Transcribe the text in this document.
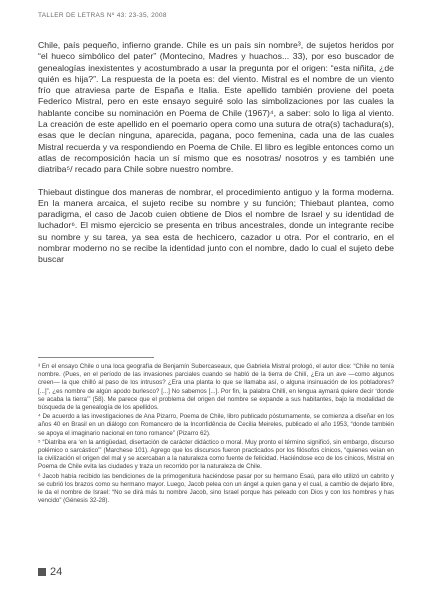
TALLER DE LETRAS Nº 43: 23-35, 2008

Chile, país pequeño, infierno grande. Chile es un país sin nombre³, de sujetos heridos por “el hueco simbólico del pater” (Montecino, Madres y huachos... 33), por eso buscador de genealogías inexistentes y acostumbrado a usar la pregunta por el origen: “esta niñita, ¿de quién es hija?”. La respuesta de la poeta es: del viento. Mistral es el nombre de un viento frío que atraviesa parte de España e Italia. Este apellido también proviene del poeta Federico Mistral, pero en este ensayo seguiré solo las simbolizaciones por las cuales la hablante concibe su nominación en Poema de Chile (1967)⁴, a saber: solo lo liga al viento. La creación de este apellido en el poemario opera como una sutura de otra(s) tachadura(s), esas que le decían ninguna, aparecida, pagana, poco femenina, cada una de las cuales Mistral recuerda y va respondiendo en Poema de Chile. El libro es legible entonces como un atlas de recomposición hacia un sí mismo que es nosotras/ nosotros y es también une diatriba⁵/ recado para Chile sobre nuestro nombre.

Thiebaut distingue dos maneras de nombrar, el procedimiento antiguo y la forma moderna. En la manera arcaica, el sujeto recibe su nombre y su función; Thiebaut plantea, como paradigma, el caso de Jacob cuien obtiene de Dios el nombre de Israel y su identidad de luchador⁶. El mismo ejercicio se presenta en tribus ancestrales, donde un integrante recibe su nombre y su tarea, ya sea esta de hechicero, cazador u otra. Por el contrario, en el nombrar moderno no se recibe la identidad junto con el nombre, dado lo cual el sujeto debe buscar

³ En el ensayo Chile o una loca geografía de Benjamín Subercaseaux, que Gabriela Mistral prologó, el autor dice: “Chile no tenía nombre. (Pues, en el período de las invasiones parciales cuando se habló de la tierra de Chilí, ¿Era un ave —como algunos creen— la que chilló al paso de los intrusos? ¿Era una planta lo que se llamaba así, o alguna insinuación de los pobladores? [...]”, ¿es nombre de algún apodo burlesco? [...] No sabemos [...]. Por fin, la palabra Chilli, en lengua aymará quiere decir ‘donde se acaba la tierra’” (58). Me parece que el problema del origen del nombre se expande a sus habitantes, bajo la modalidad de búsqueda de la genealogía de los apellidos.

⁴ De acuerdo a las investigaciones de Ana Pizarro, Poema de Chile, libro publicado póstumamente, se comienza a diseñar en los años 40 en Brasil en un diálogo con Romancero de la Inconfidência de Cecilia Meireles, publicado el año 1953, “donde también se apoya el imaginario nacional en tono romance” (Pizarro 62).

⁵ “Diatriba era ‘en la antigüedad, disertación de carácter didáctico o moral. Muy pronto el término significó, sin embargo, discurso polémico o sarcástico’” (Marchese 101). Agrego que los discursos fueron practicados por los filósofos cínicos, “quienes veían en la civilización el origen del mal y se acercaban a la naturaleza como fuente de felicidad. Haciéndose eco de los cínicos, Mistral en Poema de Chile evita las ciudades y traza un recorrido por la naturaleza de Chile.

⁶ Jacob había recibido las bendiciones de la primogenitura haciéndose pasar por su hermano Esaú, para ello utilizó un cabrito y se cubrió los brazos como su hermano mayor. Luego, Jacob pelea con un ángel a quien gana y el cual, a cambio de dejarlo libre, le da el nombre de Israel: “No se dirá más tu nombre Jacob, sino Israel porque has peleado con Dios y con los hombres y has vencido” (Génesis 32-28).

24
